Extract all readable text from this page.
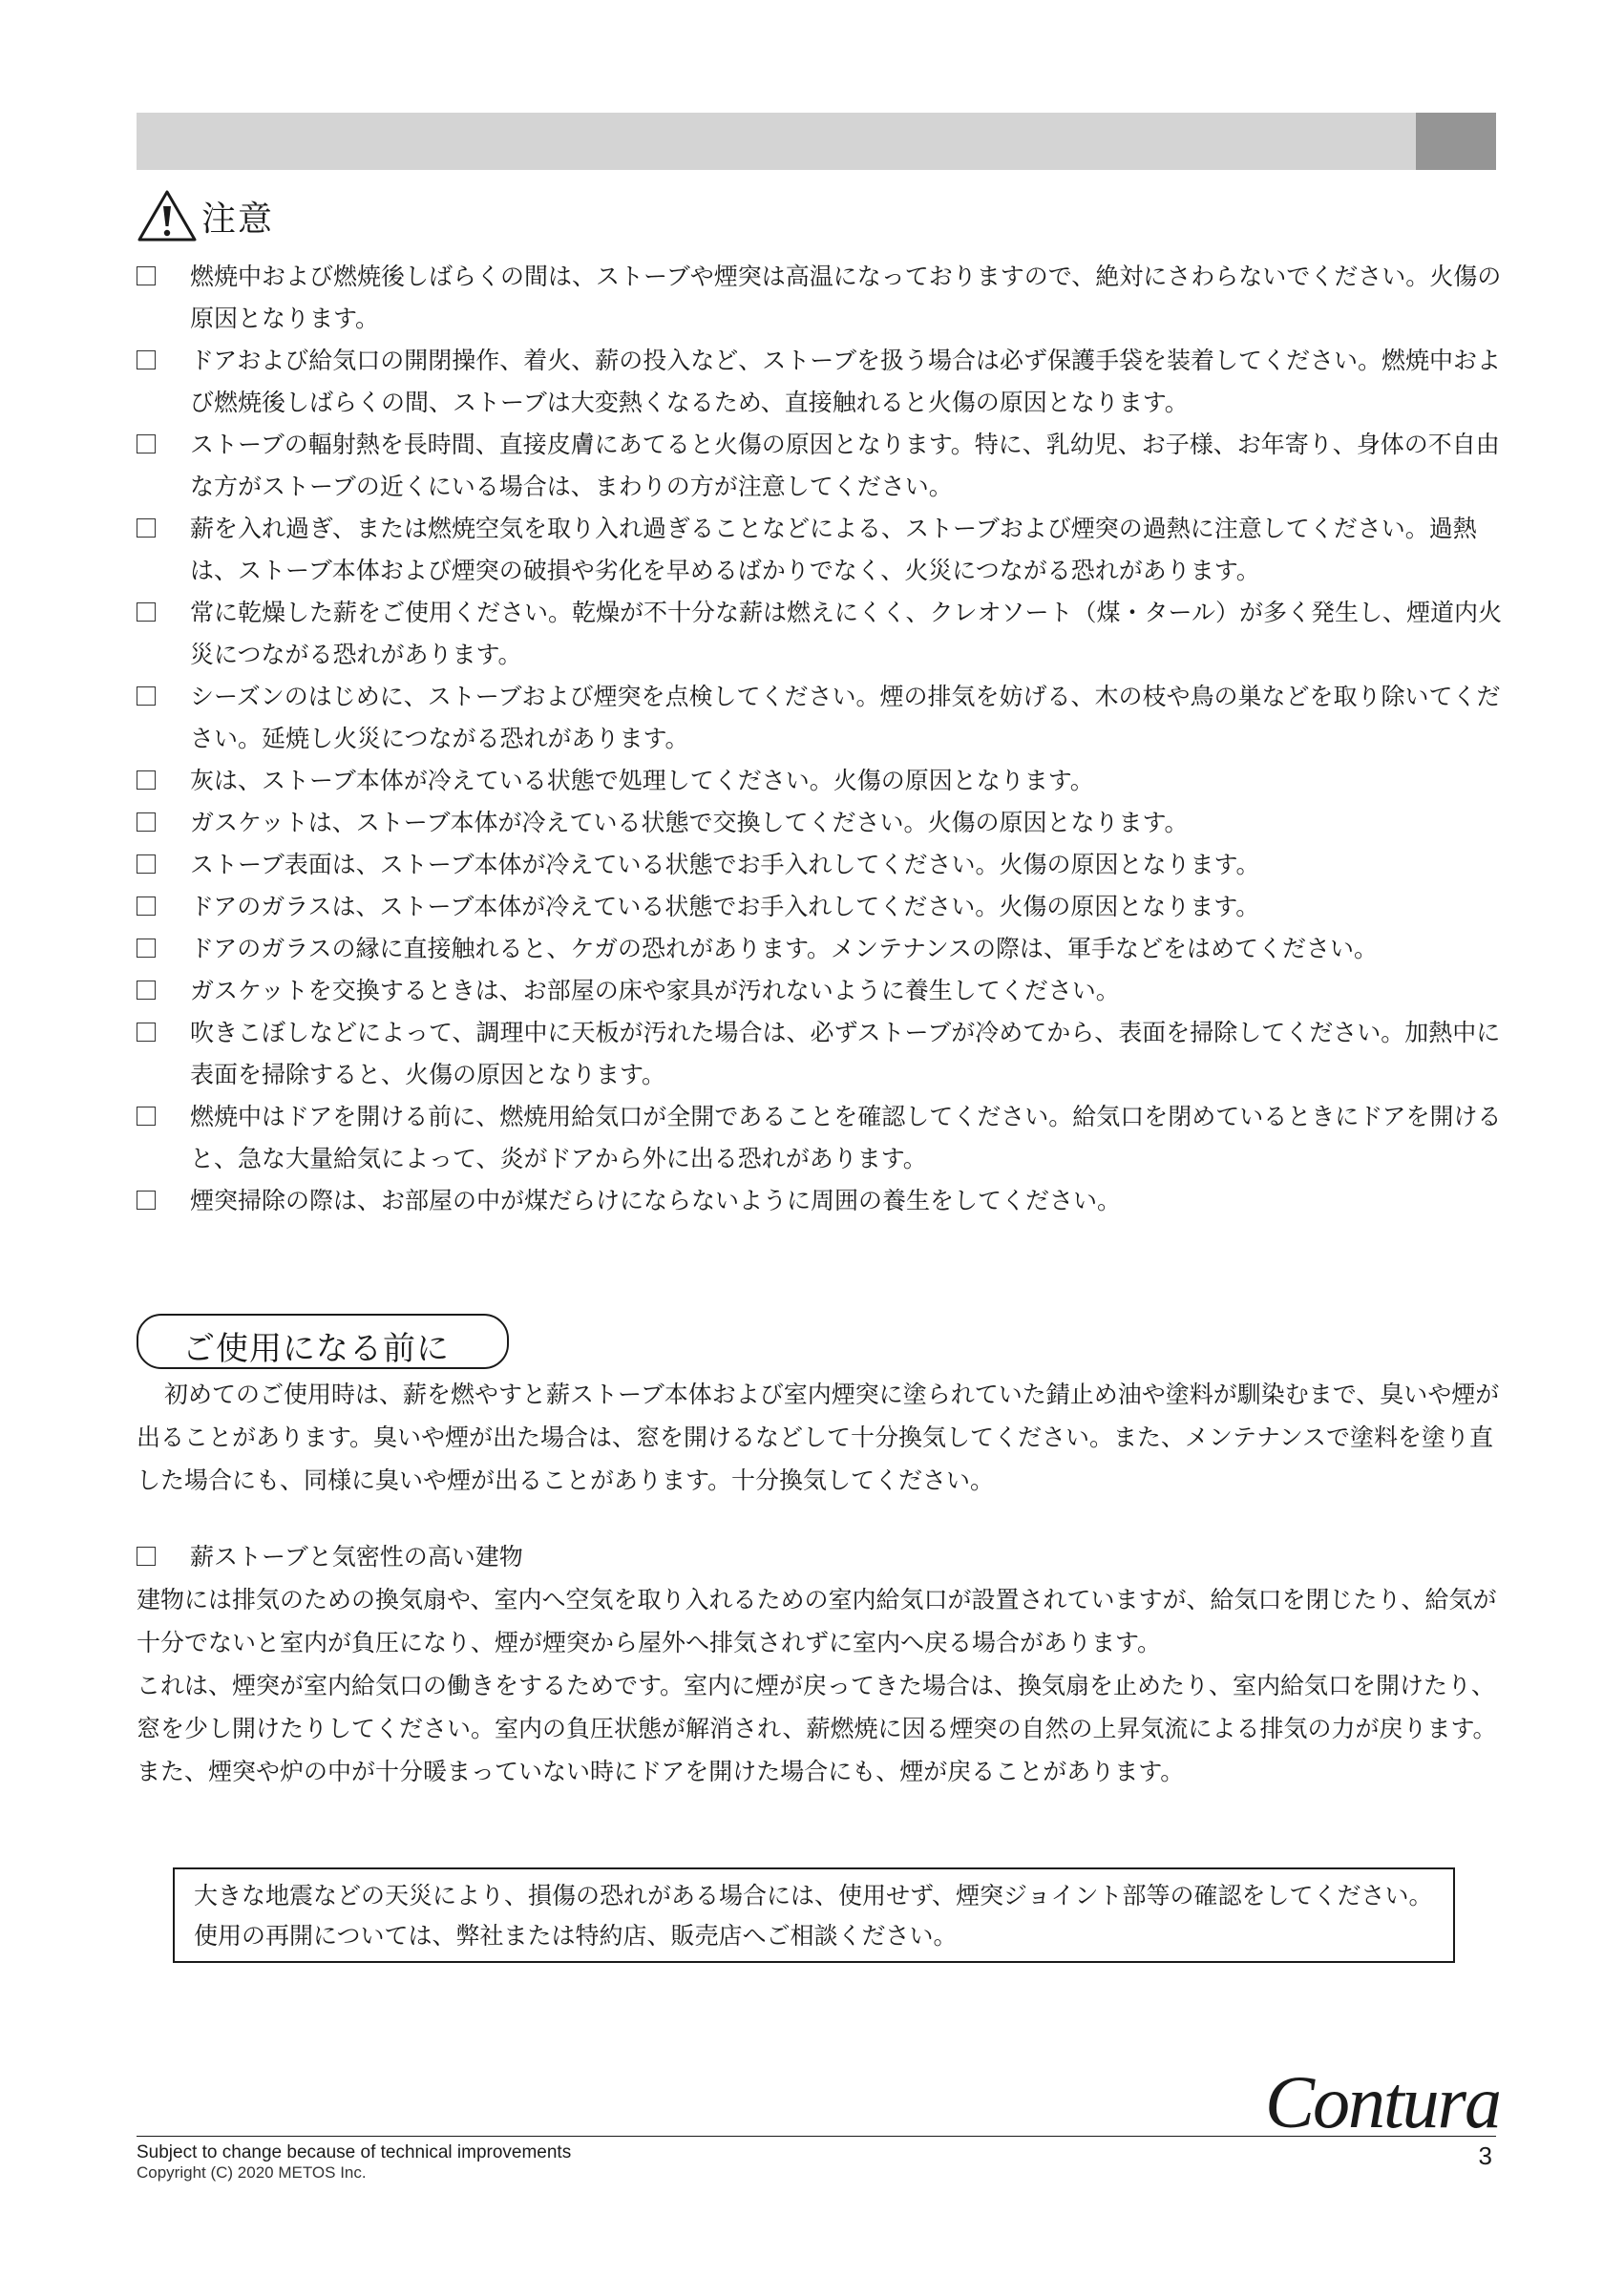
注意
燃焼中および燃焼後しばらくの間は、ストーブや煙突は高温になっておりますので、絶対にさわらないでください。火傷の原因となります。
ドアおよび給気口の開閉操作、着火、薪の投入など、ストーブを扱う場合は必ず保護手袋を装着してください。燃焼中および燃焼後しばらくの間、ストーブは大変熱くなるため、直接触れると火傷の原因となります。
ストーブの輻射熱を長時間、直接皮膚にあてると火傷の原因となります。特に、乳幼児、お子様、お年寄り、身体の不自由な方がストーブの近くにいる場合は、まわりの方が注意してください。
薪を入れ過ぎ、または燃焼空気を取り入れ過ぎることなどによる、ストーブおよび煙突の過熱に注意してください。過熱は、ストーブ本体および煙突の破損や劣化を早めるばかりでなく、火災につながる恐れがあります。
常に乾燥した薪をご使用ください。乾燥が不十分な薪は燃えにくく、クレオソート（煤・タール）が多く発生し、煙道内火災につながる恐れがあります。
シーズンのはじめに、ストーブおよび煙突を点検してください。煙の排気を妨げる、木の枝や鳥の巣などを取り除いてください。延焼し火災につながる恐れがあります。
灰は、ストーブ本体が冷えている状態で処理してください。火傷の原因となります。
ガスケットは、ストーブ本体が冷えている状態で交換してください。火傷の原因となります。
ストーブ表面は、ストーブ本体が冷えている状態でお手入れしてください。火傷の原因となります。
ドアのガラスは、ストーブ本体が冷えている状態でお手入れしてください。火傷の原因となります。
ドアのガラスの縁に直接触れると、ケガの恐れがあります。メンテナンスの際は、軍手などをはめてください。
ガスケットを交換するときは、お部屋の床や家具が汚れないように養生してください。
吹きこぼしなどによって、調理中に天板が汚れた場合は、必ずストーブが冷めてから、表面を掃除してください。加熱中に表面を掃除すると、火傷の原因となります。
燃焼中はドアを開ける前に、燃焼用給気口が全開であることを確認してください。給気口を閉めているときにドアを開けると、急な大量給気によって、炎がドアから外に出る恐れがあります。
煙突掃除の際は、お部屋の中が煤だらけにならないように周囲の養生をしてください。
ご使用になる前に

初めてのご使用時は、薪を燃やすと薪ストーブ本体および室内煙突に塗られていた錆止め油や塗料が馴染むまで、臭いや煙が出ることがあります。臭いや煙が出た場合は、窓を開けるなどして十分換気してください。また、メンテナンスで塗料を塗り直した場合にも、同様に臭いや煙が出ることがあります。十分換気してください。

薪ストーブと気密性の高い建物

建物には排気のための換気扇や、室内へ空気を取り入れるための室内給気口が設置されていますが、給気口を閉じたり、給気が十分でないと室内が負圧になり、煙が煙突から屋外へ排気されずに室内へ戻る場合があります。

これは、煙突が室内給気口の働きをするためです。室内に煙が戻ってきた場合は、換気扇を止めたり、室内給気口を開けたり、窓を少し開けたりしてください。室内の負圧状態が解消され、薪燃焼に因る煙突の自然の上昇気流による排気の力が戻ります。

また、煙突や炉の中が十分暖まっていない時にドアを開けた場合にも、煙が戻ることがあります。

大きな地震などの天災により、損傷の恐れがある場合には、使用せず、煙突ジョイント部等の確認をしてください。使用の再開については、弊社または特約店、販売店へご相談ください。
Contura
Subject to change because of technical improvements
Copyright (C) 2020 METOS Inc.
3
